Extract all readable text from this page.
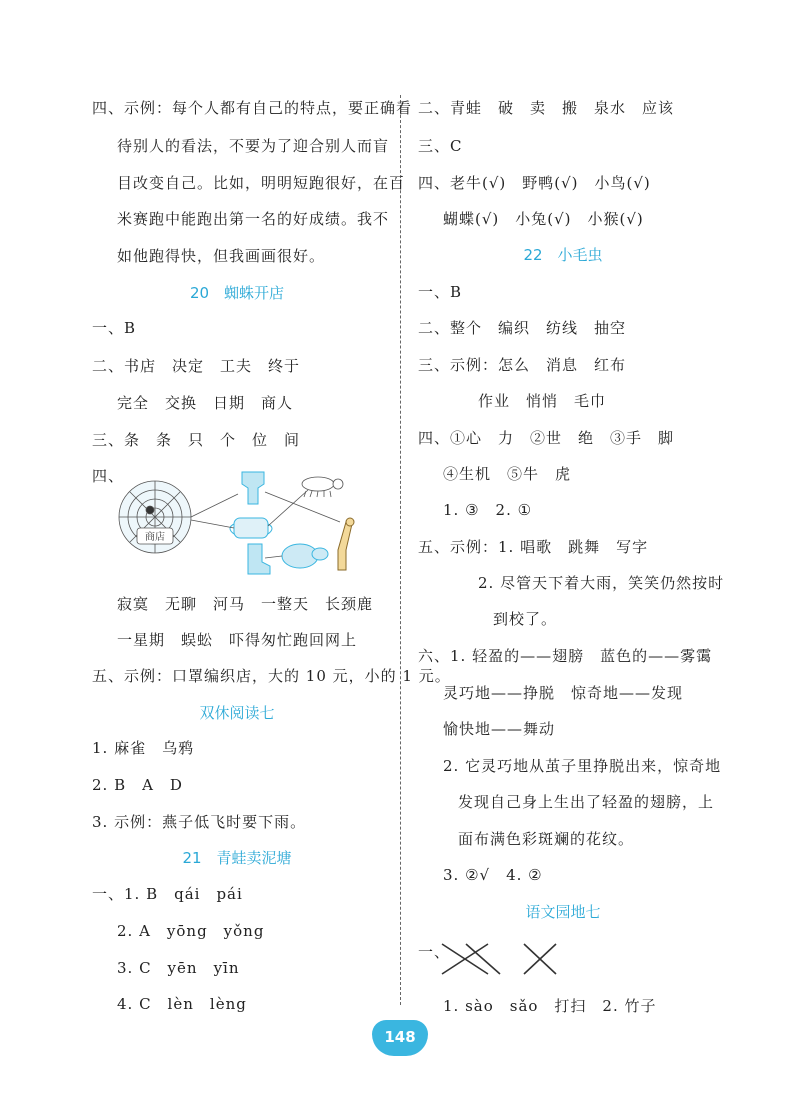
四、示例：每个人都有自己的特点，要正确看
待别人的看法，不要为了迎合别人而盲
目改变自己。比如，明明短跑很好，在百
米赛跑中能跑出第一名的好成绩。我不
如他跑得快，但我画画很好。
20　蜘蛛开店
一、B
二、书店　决定　工夫　终于
完全　交换　日期　商人
三、条　条　只　个　位　间
四、
商店
寂寞　无聊　河马　一整天　长颈鹿
一星期　蜈蚣　吓得匆忙跑回网上
五、示例：口罩编织店，大的 10 元，小的 1 元。
双休阅读七
1. 麻雀　乌鸦
2. B　A　D
3. 示例：燕子低飞时要下雨。
21　青蛙卖泥塘
一、1. B　qái　pái
2. A　yōng　yǒng
3. C　yēn　yīn
4. C　lèn　lèng
二、青蛙　破　卖　搬　泉水　应该
三、C
四、老牛(√)　野鸭(√)　小鸟(√)
蝴蝶(√)　小兔(√)　小猴(√)
22　小毛虫
一、B
二、整个　编织　纺线　抽空
三、示例：怎么　消息　红布
作业　悄悄　毛巾
四、①心　力　②世　绝　③手　脚
④生机　⑤牛　虎
1. ③　2. ①
五、示例：1. 唱歌　跳舞　写字
2. 尽管天下着大雨，笑笑仍然按时
到校了。
六、1. 轻盈的——翅膀　蓝色的——雾霭
灵巧地——挣脱　惊奇地——发现
愉快地——舞动
2. 它灵巧地从茧子里挣脱出来，惊奇地
发现自己身上生出了轻盈的翅膀，上
面布满色彩斑斓的花纹。
3. ②√　4. ②
语文园地七
一、
1. sào　sǎo　打扫　2. 竹子
148
